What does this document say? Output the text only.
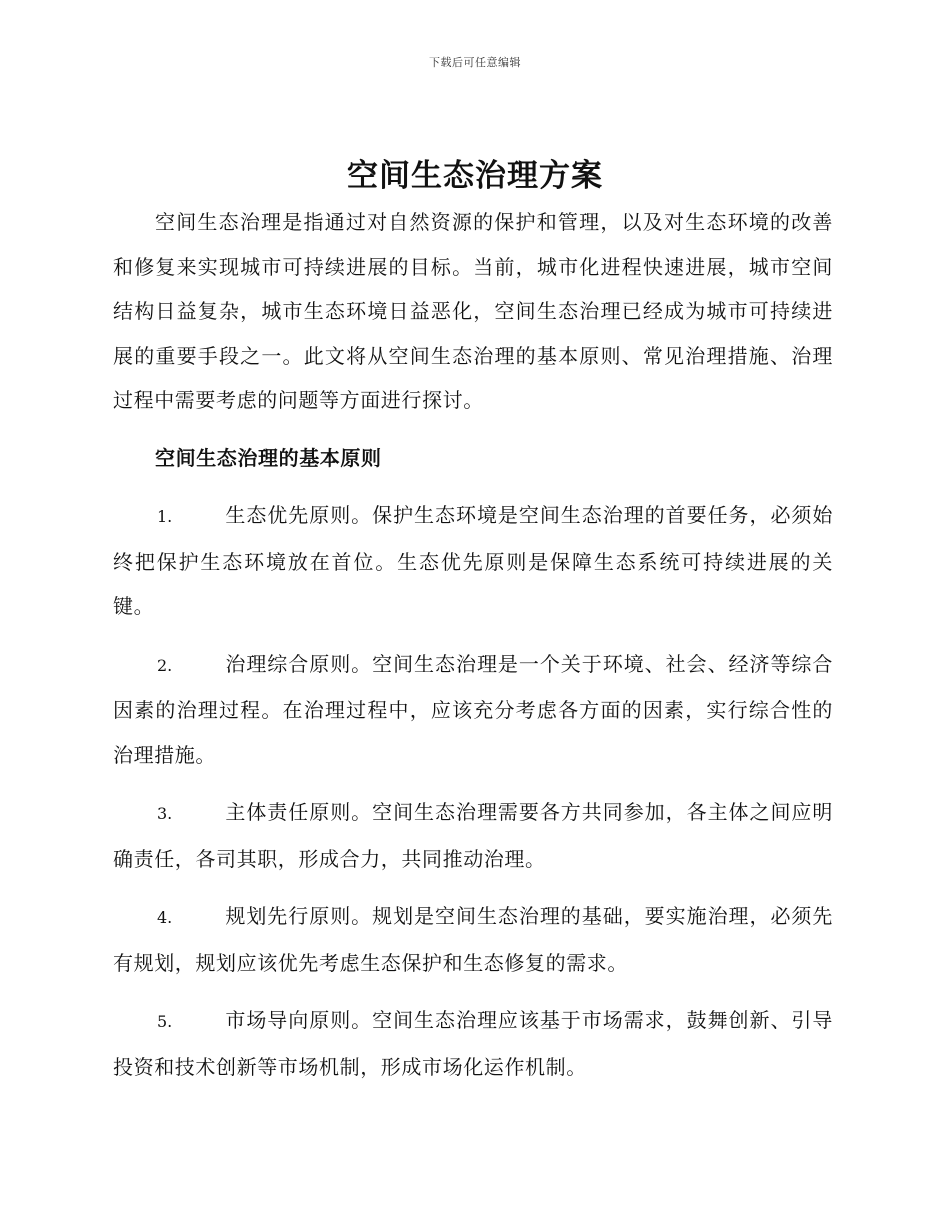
下载后可任意编辑
空间生态治理方案

空间生态治理是指通过对自然资源的保护和管理，以及对生态环境的改善和修复来实现城市可持续进展的目标。当前，城市化进程快速进展，城市空间结构日益复杂，城市生态环境日益恶化，空间生态治理已经成为城市可持续进展的重要手段之一。此文将从空间生态治理的基本原则、常见治理措施、治理过程中需要考虑的问题等方面进行探讨。

空间生态治理的基本原则

1.	生态优先原则。保护生态环境是空间生态治理的首要任务，必须始终把保护生态环境放在首位。生态优先原则是保障生态系统可持续进展的关键。

2.	治理综合原则。空间生态治理是一个关于环境、社会、经济等综合因素的治理过程。在治理过程中，应该充分考虑各方面的因素，实行综合性的治理措施。

3.	主体责任原则。空间生态治理需要各方共同参加，各主体之间应明确责任，各司其职，形成合力，共同推动治理。

4.	规划先行原则。规划是空间生态治理的基础，要实施治理，必须先有规划，规划应该优先考虑生态保护和生态修复的需求。

5.	市场导向原则。空间生态治理应该基于市场需求，鼓舞创新、引导投资和技术创新等市场机制，形成市场化运作机制。
